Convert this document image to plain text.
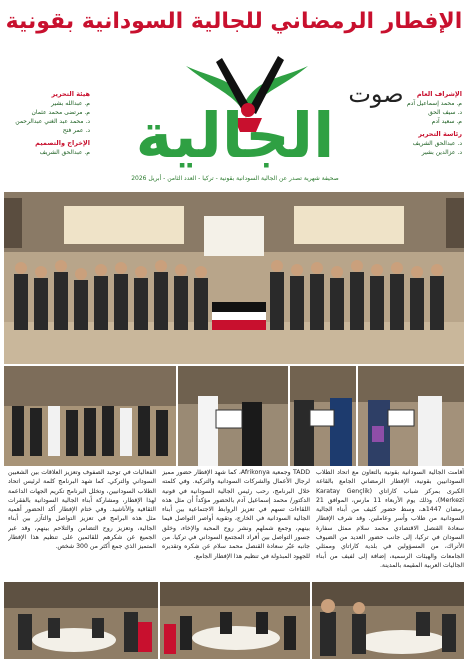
الإفطار الرمضاني للجالية السودانية بقونية
الإشراف العام
م. محمد إسماعيل آدم
د. سيف الحق
م. سعيد آدم
رئاسة التحرير
د. عبدالحق الشريف
د. عزالدين بشير
صوت
الجالية
صحيفة شهرية تصدر عن الجالية السودانية بقونية - تركيا - العدد الثامن - أبريل 2026
هيئة التحرير
م. عبدالله بشير
م. مرتضى محمد عثمان
د. محمد عبد الغني عبدالرحمن
د. عمر فتح
الإخراج والتصميم
م. عبدالحق الشريف
أقامت الجالية السودانية بقونية بالتعاون مع اتحاد الطلاب السودانيين بقونية، الإفطار الرمضاني الجامع بالقاعة الكبرى بمركز شباب كاراتاي (Karatay Gençlik Merkezi)، وذلك يوم الأربعاء 11 مارس، الموافق 21 رمضان 1447هـ، وسط حضور كثيف من أبناء الجالية السودانية من طلاب وأسر وعاملين. وقد شرف الإفطار سعادة القنصل الاقتصادي محمد سلام ممثل سفارة السودان في تركيا، إلى جانب حضور العديد من الضيوف الأتراك، من المسؤولين في بلدية كاراتاي وممثلي الجامعات والهيئات الرسمية، إضافة إلى لفيف من أبناء الجاليات العربية المقيمة بالمدينة.
TADD وجمعية Afrikonya، كما شهد الإفطار حضور مميز لرجال الأعمال والشركات السودانية والتركية. وفي كلمته خلال البرنامج، رحب رئيس الجالية السودانية في قونية الدكتور/ محمد إسماعيل آدم بالحضور مؤكداً أن مثل هذه اللقاءات تسهم في تعزيز الروابط الاجتماعية بين أبناء الجالية السودانية في الخارج، وتقوية أواصر التواصل فيما بينهم، وجمع شملهم ونشر روح المحبة والإخاء، وخلق جسور التواصل بين أفراد المجتمع السوداني في تركيا. من جانبه عبّر سعادة القنصل محمد سلام عن شكره وتقديره للجهود المبذولة في تنظيم هذا الإفطار الجامع.
الفعاليات في توحيد الصفوف وتعزيز العلاقات بين الشعبين السوداني والتركي. كما شهد البرنامج كلمة لرئيس اتحاد الطلاب السودانيين، وتخلل البرنامج تكريم الجهات الداعمة لهذا الإفطار، ومشاركة أبناء الجالية السودانية بالفقرات الثقافية والأناشيد. وفي ختام الإفطار أكد الحضور أهمية مثل هذه البرامج في تعزيز التواصل والتآزر بين أبناء الجالية، وتعزيز روح التضامن والتلاحم بينهم، وقد عبر الجميع عن شكرهم للقائمين على تنظيم هذا الإفطار المتميز الذي جمع أكثر من 300 شخص.
